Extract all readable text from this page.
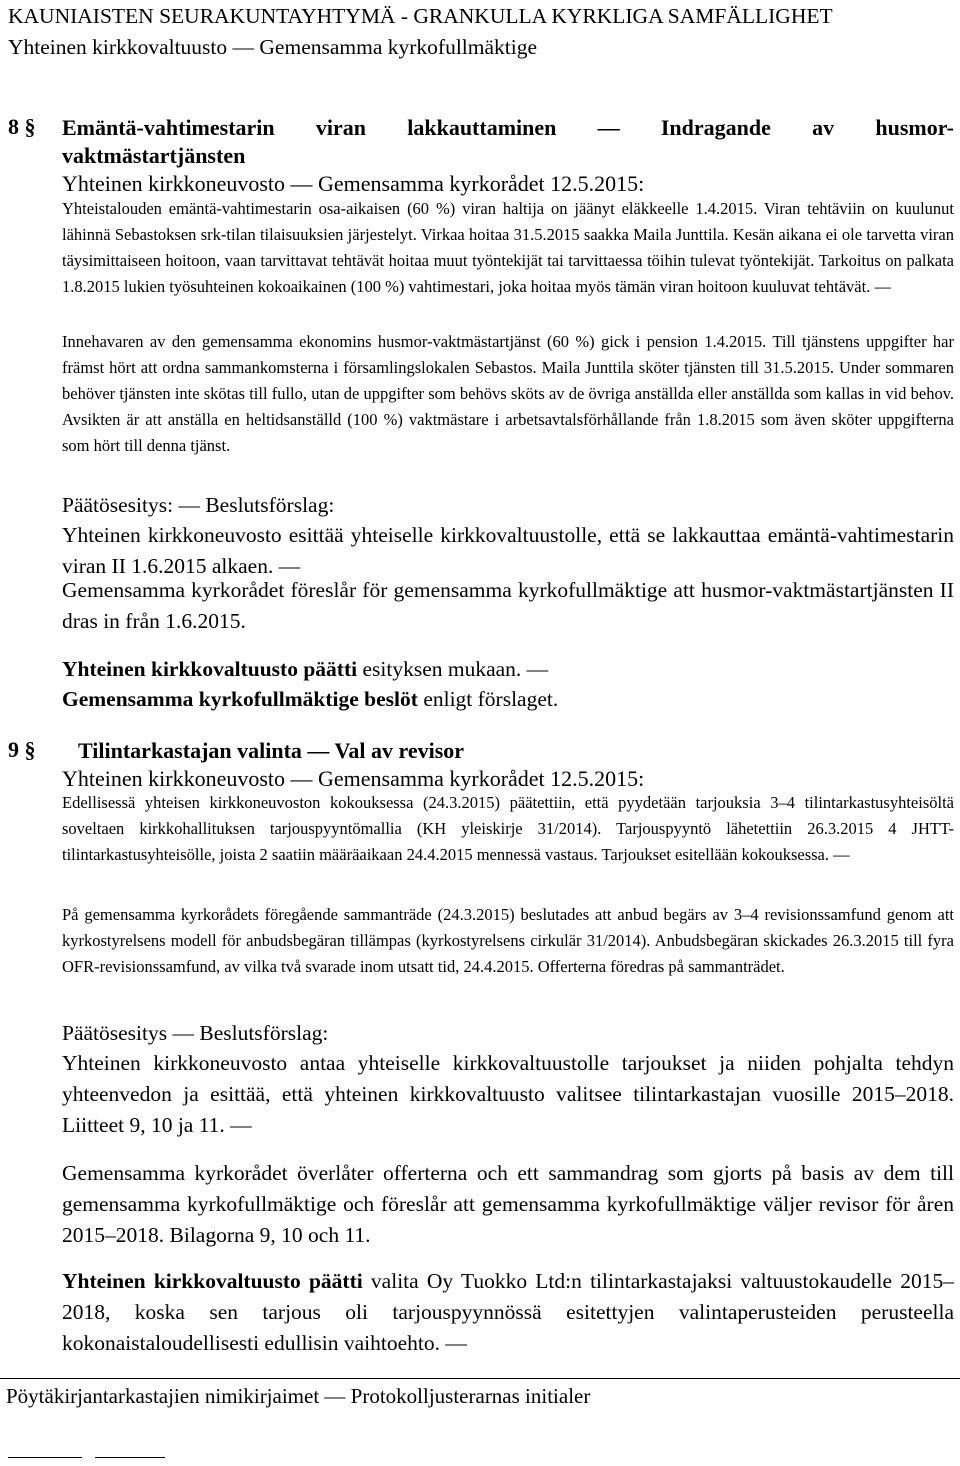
KAUNIAISTEN SEURAKUNTAYHTYMÄ - GRANKULLA KYRKLIGA SAMFÄLLIGHET
Yhteinen kirkkovaltuusto — Gemensamma kyrkofullmäktige
8 § Emäntä-vahtimestarin viran lakkauttaminen — Indragande av husmor-
vaktmästartjänsten
Yhteinen kirkkoneuvosto — Gemensamma kyrkorådet 12.5.2015:
Yhteistalouden emäntä-vahtimestarin osa-aikaisen (60 %) viran haltija on jäänyt eläkkeelle 1.4.2015. Viran tehtäviin on kuulunut lähinnä Sebastoksen srk-tilan tilaisuuksien järjestelyt. Virkaa hoitaa 31.5.2015 saakka Maila Junttila. Kesän aikana ei ole tarvetta viran täysimittaiseen hoitoon, vaan tarvittavat tehtävät hoitaa muut työntekijät tai tarvittaessa töihin tulevat työntekijät. Tarkoitus on palkata 1.8.2015 lukien työsuhteinen kokoaikainen (100 %) vahtimestari, joka hoitaa myös tämän viran hoitoon kuuluvat tehtävät. —
Innehavaren av den gemensamma ekonomins husmor-vaktmästartjänst (60 %) gick i pension 1.4.2015. Till tjänstens uppgifter har främst hört att ordna sammankomsterna i församlingslokalen Sebastos. Maila Junttila sköter tjänsten till 31.5.2015. Under sommaren behöver tjänsten inte skötas till fullo, utan de uppgifter som behövs sköts av de övriga anställda eller anställda som kallas in vid behov. Avsikten är att anställa en heltidsanställd (100 %) vaktmästare i arbetsavtalsförhållande från 1.8.2015 som även sköter uppgifterna som hört till denna tjänst.
Päätösesitys: — Beslutsförslag:
Yhteinen kirkkoneuvosto esittää yhteiselle kirkkovaltuustolle, että se lakkauttaa emäntä-vahtimestarin viran II 1.6.2015 alkaen. —
Gemensamma kyrkorådet föreslår för gemensamma kyrkofullmäktige att husmor-vaktmästartjänsten II dras in från 1.6.2015.
Yhteinen kirkkovaltuusto päätti esityksen mukaan. —
Gemensamma kyrkofullmäktige beslöt enligt förslaget.
9 § Tilintarkastajan valinta — Val av revisor
Yhteinen kirkkoneuvosto — Gemensamma kyrkorådet 12.5.2015:
Edellisessä yhteisen kirkkoneuvoston kokouksessa (24.3.2015) päätettiin, että pyydetään tarjouksia 3–4 tilintarkastusyhteisöltä soveltaen kirkkohallituksen tarjouspyyntömallia (KH yleiskirje 31/2014). Tarjouspyyntö lähetettiin 26.3.2015 4 JHTT-tilintarkastusyhteisölle, joista 2 saatiin määräaikaan 24.4.2015 mennessä vastaus. Tarjoukset esitellään kokouksessa. —
På gemensamma kyrkorådets föregående sammanträde (24.3.2015) beslutades att anbud begärs av 3–4 revisionssamfund genom att kyrkostyrelsens modell för anbudsbegäran tillämpas (kyrkostyrelsens cirkulär 31/2014). Anbudsbegäran skickades 26.3.2015 till fyra OFR-revisionssamfund, av vilka två svarade inom utsatt tid, 24.4.2015. Offerterna föredras på sammanträdet.
Päätösesitys — Beslutsförslag:
Yhteinen kirkkoneuvosto antaa yhteiselle kirkkovaltuustolle tarjoukset ja niiden pohjalta tehdyn yhteenvedon ja esittää, että yhteinen kirkkovaltuusto valitsee tilintarkastajan vuosille 2015–2018. Liitteet 9, 10 ja 11. —
Gemensamma kyrkorådet överlåter offerterna och ett sammandrag som gjorts på basis av dem till gemensamma kyrkofullmäktige och föreslår att gemensamma kyrkofullmäktige väljer revisor för åren 2015–2018. Bilagorna 9, 10 och 11.
Yhteinen kirkkovaltuusto päätti valita Oy Tuokko Ltd:n tilintarkastajaksi valtuustokaudelle 2015–2018, koska sen tarjous oli tarjouspyynnössä esitettyjen valintaperusteiden perusteella kokonaistaloudellisesti edullisin vaihtoehto. —
Pöytäkirjantarkastajien nimikirjaimet — Protokolljusterarnas initialer
